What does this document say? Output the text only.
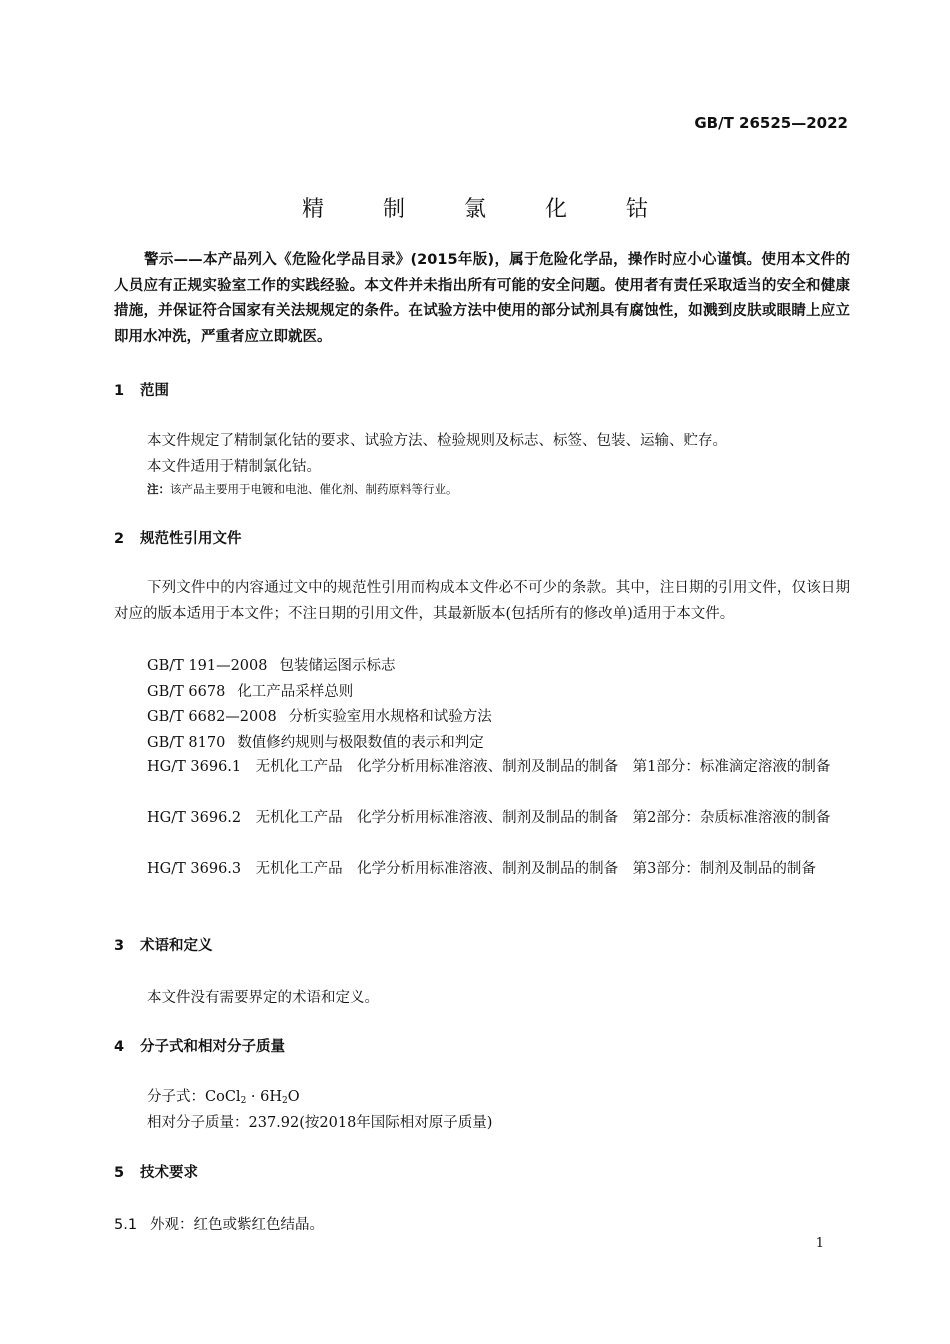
GB/T 26525—2022
精 制 氯 化 钴
警示——本产品列入《危险化学品目录》(2015年版)，属于危险化学品，操作时应小心谨慎。使用本文件的人员应有正规实验室工作的实践经验。本文件并未指出所有可能的安全问题。使用者有责任采取适当的安全和健康措施，并保证符合国家有关法规规定的条件。在试验方法中使用的部分试剂具有腐蚀性，如溅到皮肤或眼睛上应立即用水冲洗，严重者应立即就医。
1 范围
本文件规定了精制氯化钴的要求、试验方法、检验规则及标志、标签、包装、运输、贮存。
本文件适用于精制氯化钴。
注：该产品主要用于电镀和电池、催化剂、制药原料等行业。
2 规范性引用文件
下列文件中的内容通过文中的规范性引用而构成本文件必不可少的条款。其中，注日期的引用文件，仅该日期对应的版本适用于本文件；不注日期的引用文件，其最新版本(包括所有的修改单)适用于本文件。
GB/T 191—2008 包装储运图示标志
GB/T 6678 化工产品采样总则
GB/T 6682—2008 分析实验室用水规格和试验方法
GB/T 8170 数值修约规则与极限数值的表示和判定
HG/T 3696.1　无机化工产品　化学分析用标准溶液、制剂及制品的制备　第1部分：标准滴定溶液的制备
HG/T 3696.2　无机化工产品　化学分析用标准溶液、制剂及制品的制备　第2部分：杂质标准溶液的制备
HG/T 3696.3　无机化工产品　化学分析用标准溶液、制剂及制品的制备　第3部分：制剂及制品的制备
3 术语和定义
本文件没有需要界定的术语和定义。
4 分子式和相对分子质量
分子式：CoCl$_2$ · $6H_2O$
相对分子质量：237.92(按2018年国际相对原子质量)
5 技术要求
5.1 外观：红色或紫红色结晶。
1
